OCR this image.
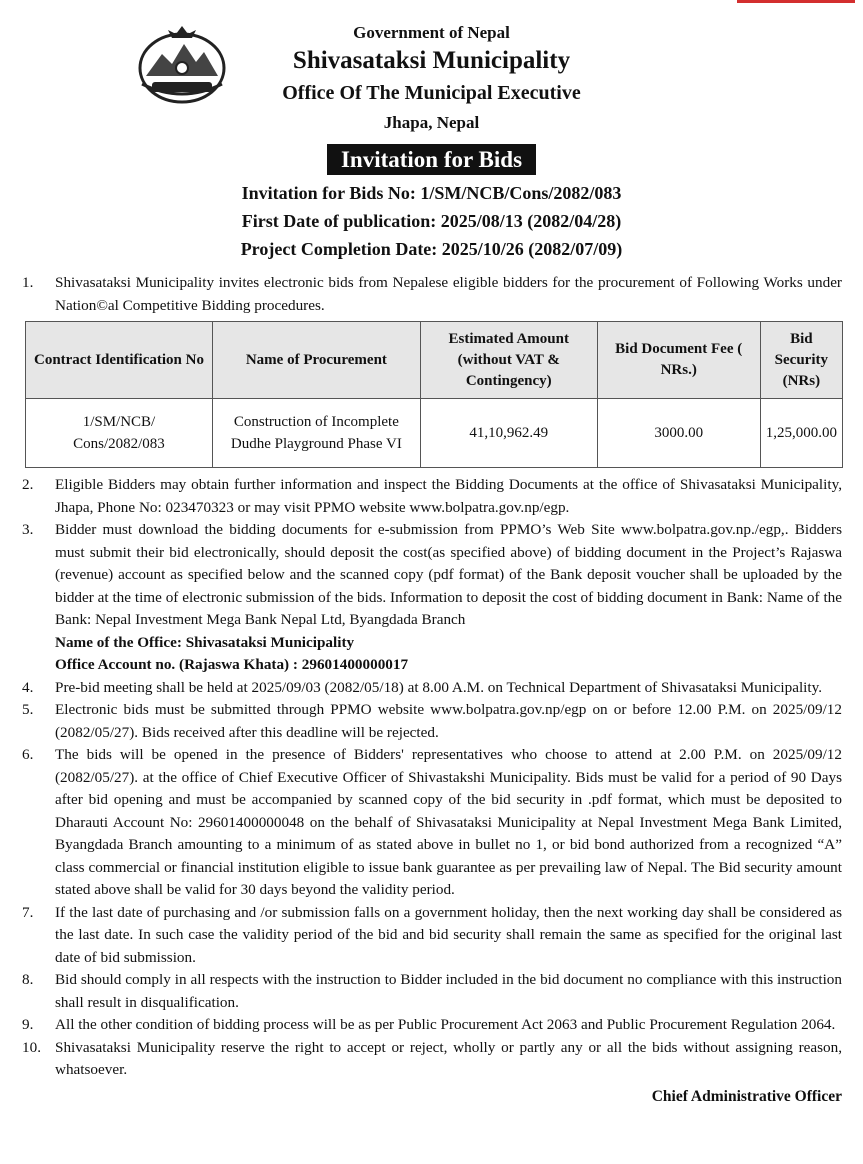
Government of Nepal
Shivasataksi Municipality
Office Of The Municipal Executive
Jhapa, Nepal
Invitation for Bids
Invitation for Bids No: 1/SM/NCB/Cons/2082/083
First Date of publication: 2025/08/13 (2082/04/28)
Project Completion Date: 2025/10/26 (2082/07/09)
1.	Shivasataksi Municipality invites electronic bids from Nepalese eligible bidders for the procurement of Following Works under Nation©al Competitive Bidding procedures.
Contract Identification No	Name of Procurement	Estimated Amount (without VAT & Contingency)	Bid Document Fee ( NRs.)	Bid Security (NRs)
1/SM/NCB/ Cons/2082/083	Construction of Incomplete Dudhe Playground Phase VI	41,10,962.49	3000.00	1,25,000.00
2.	Eligible Bidders may obtain further information and inspect the Bidding Documents at the office of Shivasataksi Municipality, Jhapa, Phone No: 023470323 or may visit PPMO website www.bolpatra.gov.np/egp.
3.	Bidder must download the bidding documents for e-submission from PPMO’s Web Site www.bolpatra.gov.np./egp,. Bidders must submit their bid electronically, should deposit the cost(as specified above) of bidding document in the Project’s Rajaswa (revenue) account as specified below and the scanned copy (pdf format) of the Bank deposit voucher shall be uploaded by the bidder at the time of electronic submission of the bids. Information to deposit the cost of bidding document in Bank: Name of the Bank: Nepal Investment Mega Bank Nepal Ltd, Byangdada Branch
Name of the Office: Shivasataksi Municipality
Office Account no. (Rajaswa Khata) : 29601400000017
4.	Pre-bid meeting shall be held at 2025/09/03 (2082/05/18) at 8.00 A.M. on Technical Department of Shivasataksi Municipality.
5.	Electronic bids must be submitted through PPMO website www.bolpatra.gov.np/egp on or before 12.00 P.M. on 2025/09/12 (2082/05/27). Bids received after this deadline will be rejected.
6.	The bids will be opened in the presence of Bidders' representatives who choose to attend at 2.00 P.M. on 2025/09/12 (2082/05/27). at the office of Chief Executive Officer of Shivastakshi Municipality. Bids must be valid for a period of 90 Days after bid opening and must be accompanied by scanned copy of the bid security in .pdf format, which must be deposited to Dharauti Account No: 29601400000048 on the behalf of Shivasataksi Municipality at Nepal Investment Mega Bank Limited, Byangdada Branch amounting to a minimum of as stated above in bullet no 1, or bid bond authorized from a recognized “A” class commercial or financial institution eligible to issue bank guarantee as per prevailing law of Nepal. The Bid security amount stated above shall be valid for 30 days beyond the validity period.
7.	If the last date of purchasing and /or submission falls on a government holiday, then the next working day shall be considered as the last date. In such case the validity period of the bid and bid security shall remain the same as specified for the original last date of bid submission.
8.	Bid should comply in all respects with the instruction to Bidder included in the bid document no compliance with this instruction shall result in disqualification.
9.	All the other condition of bidding process will be as per Public Procurement Act 2063 and Public Procurement Regulation 2064.
10. Shivasataksi Municipality reserve the right to accept or reject, wholly or partly any or all the bids without assigning reason, whatsoever.
Chief Administrative Officer
